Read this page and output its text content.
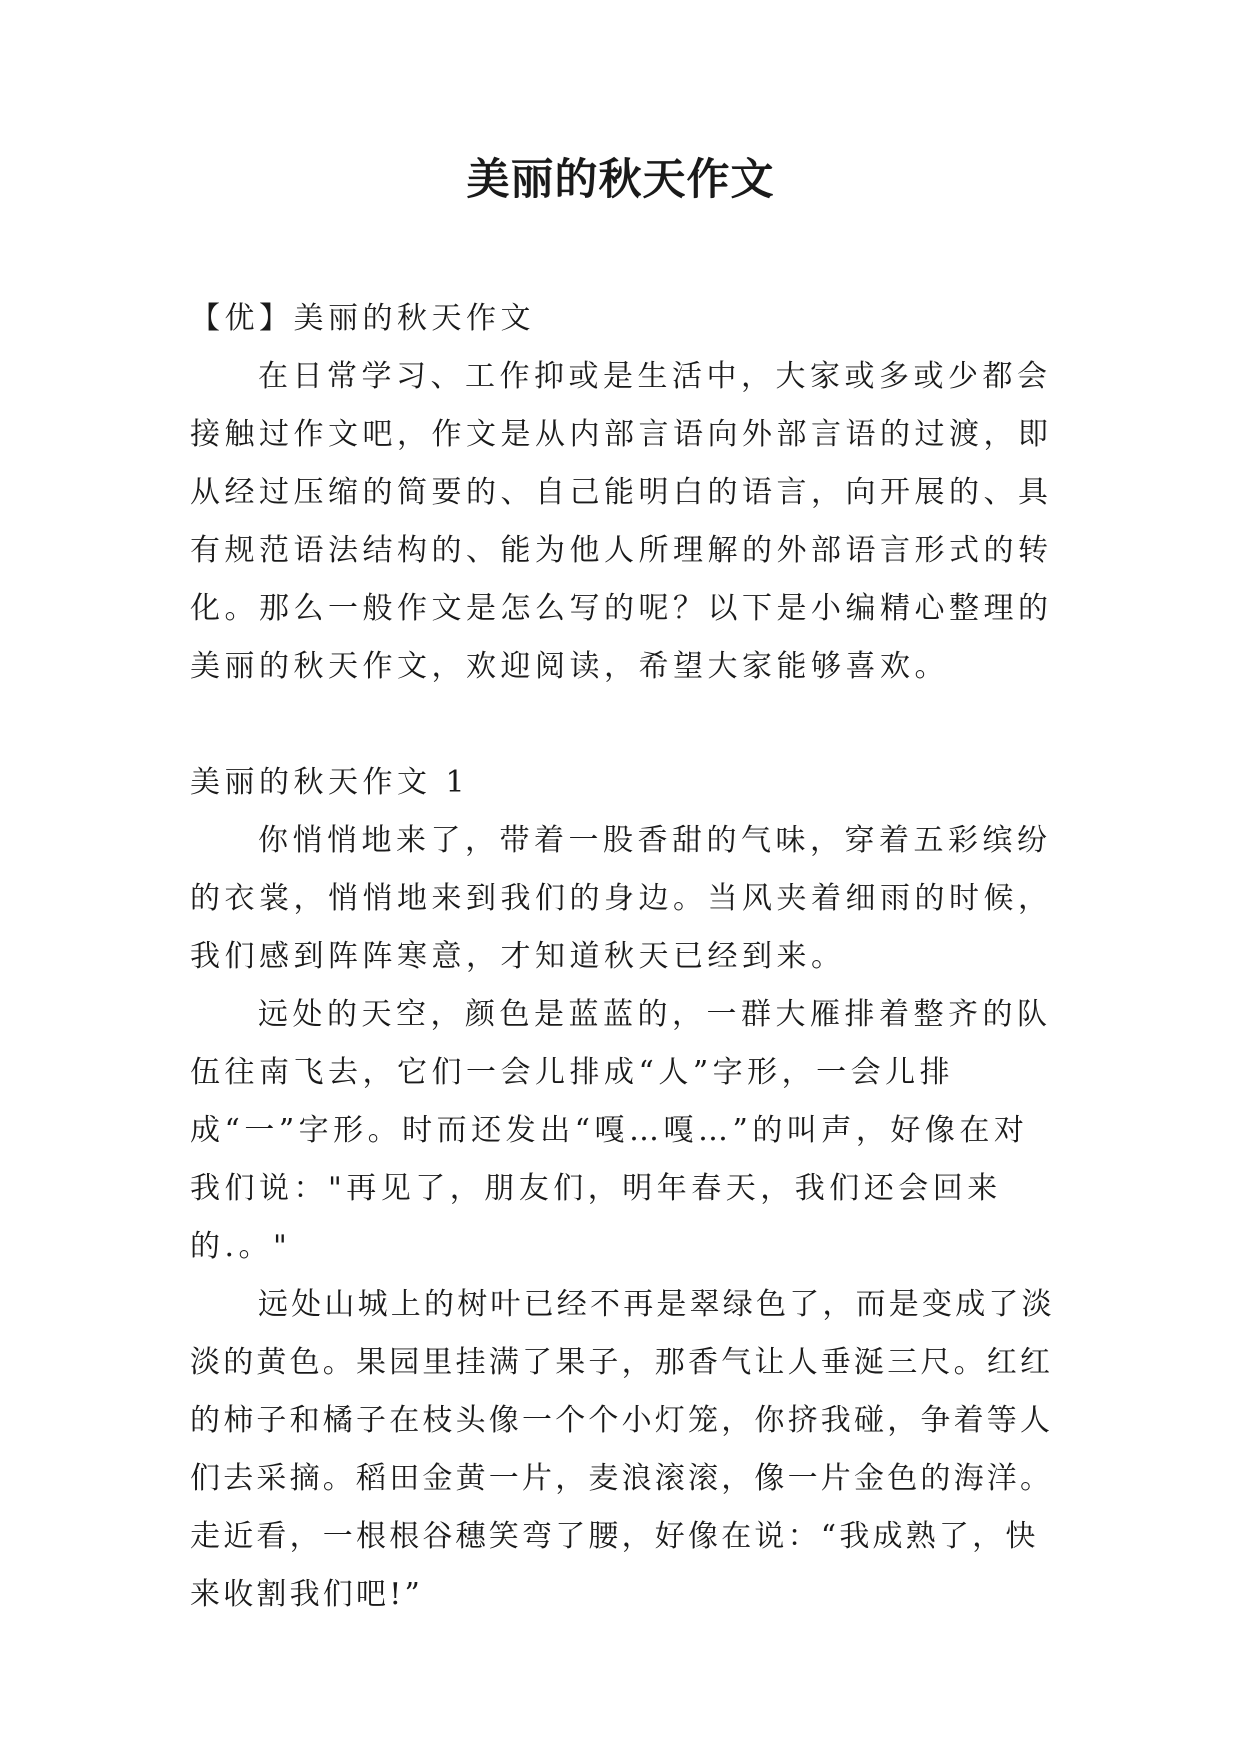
美丽的秋天作文

【优】美丽的秋天作文

在日常学习、工作抑或是生活中，大家或多或少都会接触过作文吧，作文是从内部言语向外部言语的过渡，即从经过压缩的简要的、自己能明白的语言，向开展的、具有规范语法结构的、能为他人所理解的外部语言形式的转化。那么一般作文是怎么写的呢？以下是小编精心整理的美丽的秋天作文，欢迎阅读，希望大家能够喜欢。

美丽的秋天作文 1

你悄悄地来了，带着一股香甜的气味，穿着五彩缤纷的衣裳，悄悄地来到我们的身边。当风夹着细雨的时候，我们感到阵阵寒意，才知道秋天已经到来。

远处的天空，颜色是蓝蓝的，一群大雁排着整齐的队伍往南飞去，它们一会儿排成“人”字形，一会儿排成“一”字形。时而还发出“嘎…嘎…”的叫声，好像在对我们说："再见了，朋友们，明年春天，我们还会回来的.。"

远处山城上的树叶已经不再是翠绿色了，而是变成了淡淡的黄色。果园里挂满了果子，那香气让人垂涎三尺。红红的柿子和橘子在枝头像一个个小灯笼，你挤我碰，争着等人们去采摘。稻田金黄一片，麦浪滚滚，像一片金色的海洋。走近看，一根根谷穗笑弯了腰，好像在说：“我成熟了，快来收割我们吧!”
